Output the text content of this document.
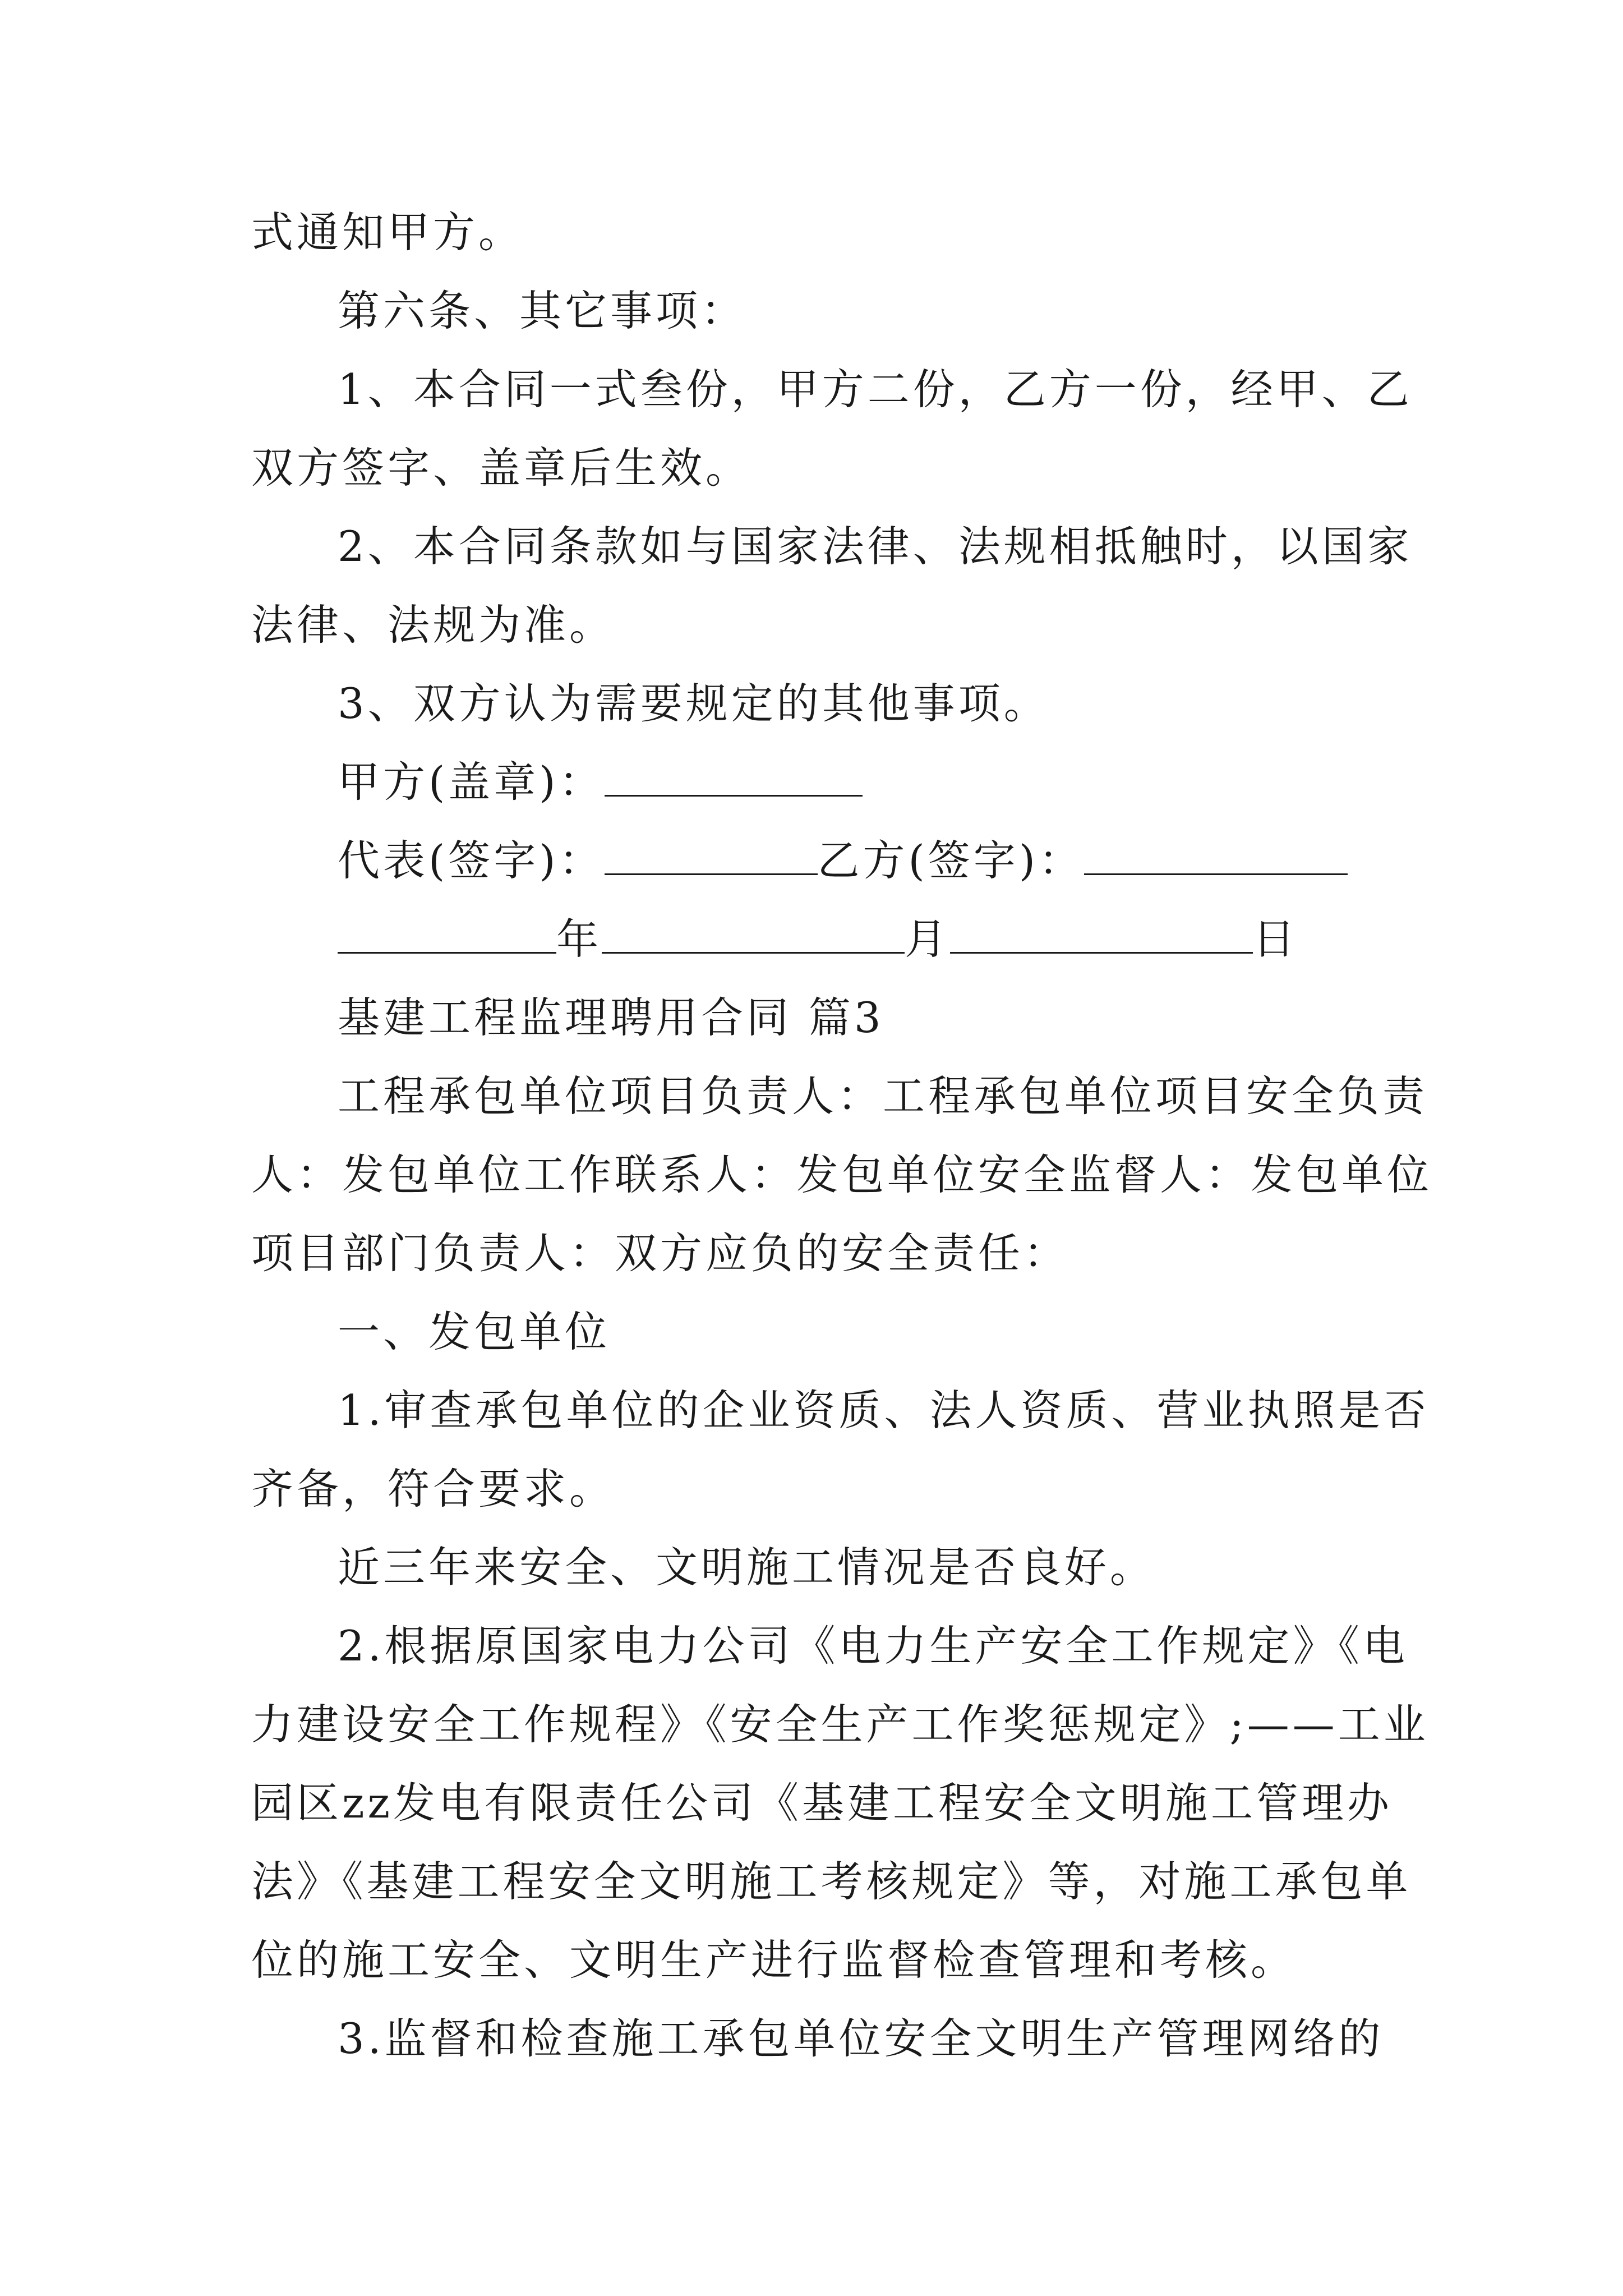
式通知甲方。
第六条、其它事项：
1、本合同一式叁份，甲方二份，乙方一份，经甲、乙
双方签字、盖章后生效。
2、本合同条款如与国家法律、法规相抵触时，以国家
法律、法规为准。
3、双方认为需要规定的其他事项。
甲方(盖章)：
代表(签字)：	乙方(签字)：
年	月	日
基建工程监理聘用合同 篇3
工程承包单位项目负责人：工程承包单位项目安全负责
人：发包单位工作联系人：发包单位安全监督人：发包单位
项目部门负责人：双方应负的安全责任：
一、发包单位
1.审查承包单位的企业资质、法人资质、营业执照是否
齐备，符合要求。
近三年来安全、文明施工情况是否良好。
2.根据原国家电力公司《电力生产安全工作规定》《电
力建设安全工作规程》《安全生产工作奖惩规定》;——工业
园区zz发电有限责任公司《基建工程安全文明施工管理办
法》《基建工程安全文明施工考核规定》等，对施工承包单
位的施工安全、文明生产进行监督检查管理和考核。
3.监督和检查施工承包单位安全文明生产管理网络的
